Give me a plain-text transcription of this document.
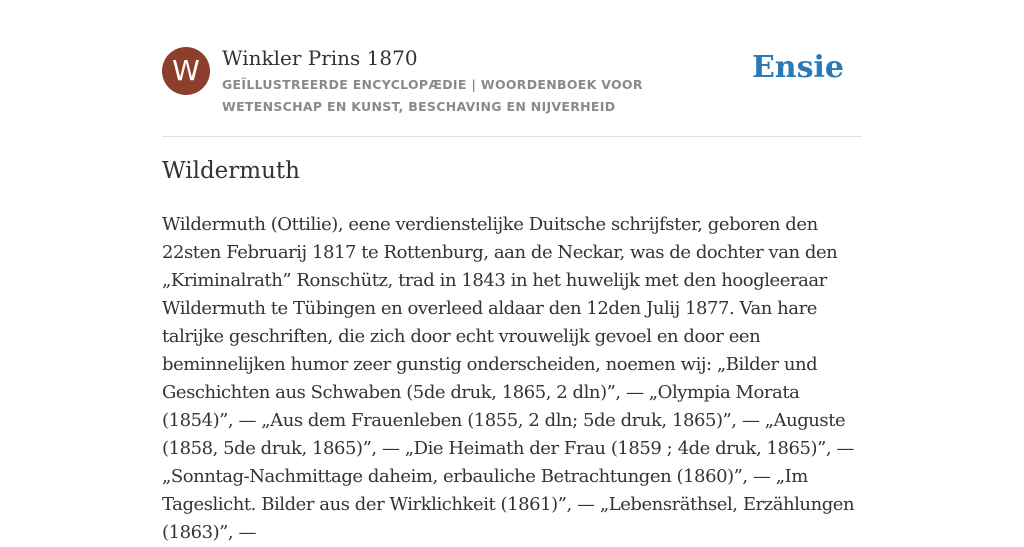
W Winkler Prins 1870
GEÏLLUSTREERDE ENCYCLOPÆDIE | WOORDENBOEK VOOR WETENSCHAP EN KUNST, BESCHAVING EN NIJVERHEID
Ensie
Wildermuth

Wildermuth (Ottilie), eene verdienstelijke Duitsche schrijfster, geboren den 22sten Februarij 1817 te Rottenburg, aan de Neckar, was de dochter van den „Kriminalrath” Ronschütz, trad in 1843 in het huwelijk met den hoogleeraar Wildermuth te Tübingen en overleed aldaar den 12den Julij 1877. Van hare talrijke geschriften, die zich door echt vrouwelijk gevoel en door een beminnelijken humor zeer gunstig onderscheiden, noemen wij: „Bilder und Geschichten aus Schwaben (5de druk, 1865, 2 dln)”, — „Olympia Morata (1854)”, — „Aus dem Frauenleben (1855, 2 dln; 5de druk, 1865)”, — „Auguste (1858, 5de druk, 1865)”, — „Die Heimath der Frau (1859 ; 4de druk, 1865)”, — „Sonntag-Nachmittage daheim, erbauliche Betrachtungen (1860)”, — „Im Tageslicht. Bilder aus der Wirklichkeit (1861)”, — „Lebensräthsel, Erzählungen (1863)”, —
